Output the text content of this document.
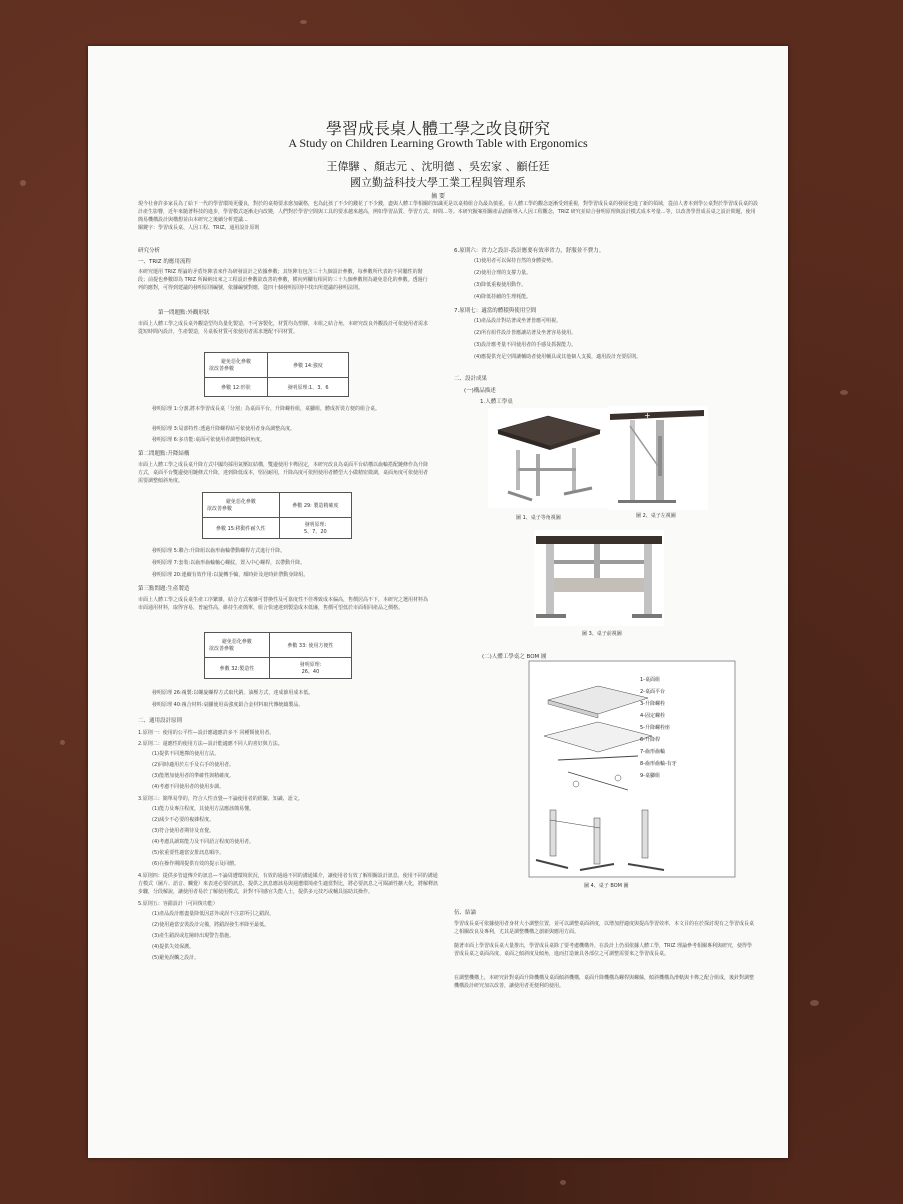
學習成長桌人體工學之改良研究
A Study on Children Learning Growth Table with Ergonomics
王偉驊 、顏志元 、沈明德 、吳宏家 、顧任廷
國立勤益科技大學工業工程與管理系
摘 要
現今社會許多家長為了給下一代的學習環境更優良，對於的桌椅要求愈加嚴格，也為此孩了不少的錢花了不少錢，盡與人體工學相關的知識更是以桌椅組合為最為慎重。在人體工學的觀念逐漸受到重視，對學習成長桌的發展也進了新的領域，從前人書本到學公桌對於學習成長桌的設計產生影響，近年來隨著科技的進步，學習模式逐漸走向改變，人們對於學習空間與工具的要求越來越高，例如學習品質、學習方式、時間...等。本研究擬案相關產品創新導入人因工程觀念，TRIZ 研究並結合發明原理與設計模式成本考量...等，以改善學習成長桌之設計問題，使用簡易機構設計與構想並由本研究之後續分析建議...
關鍵字：學習成長桌、人因工程、TRIZ、通用設計原則
研究分析
一、TRIZ 的應用流程
本研究運用 TRIZ 理論的矛盾矩陣表來作為研發設計之依據參數；其矩陣有包含三十九個設計參數，每參數所代表的不同屬性的階段；前提也參數即為 TRIZ 所歸納出來之工程設計參數欲改善的參數，横向列欄有相同的三十九個參數則為避免惡化的參數。透過行列的應對，可得到建議的發明原則編號，依據編號對應，從四十個發明原則中找出所建議的發明法則。
第一問題點:外觀形狀
市面上人體工學之成長桌外觀造型均為量化製造，不可客製化，材質均為塑膠，本組之結合角，本研究改良外觀設計可依使用者需求從短時間內設計，生產製造，另桌板材質可依使用者需求選配不同材質。
避免惡化參數
欲改善參數	參數 14:強度
參數 12:形狀	發明原理:1、3、6
發明原理 1:分割,將本學習成長桌「分割」為桌面平台，升降螺栓組，桌腳組，體成折裝方便的組合桌。
發明原理 3:局部特性:透過升降螺桿結可依使用者身高調整高度。
發明原理 6:多功能:桌面可依使用者調整傾斜角度。
第二問題點:升降結構
市面上人體工學之成長桌升降方式中國均採用氣壓缸結構，雙邊使用卡榫固定，本研究改良為桌面平台結構以齒輪搭配鏈條作為升降方式，桌面平台雙邊使用鏈條式升降，達到降低成本，堅固耐用，升降高度可依照使用者體型大小做精密微調，桌面角度可依使用者需要調整傾斜角度。
避免惡化參數
欲改善參數	參數 29: 製造精確度
參數 15:移動件耐久性	發明原理:
5、7、20
發明原理 5:聯合:升降組以齒形齒輪帶動螺桿方式進行升降。
發明原理 7:套裝:以齒形齒輪軸心螺紋，置入中心螺桿，以帶動升降。
發明原理 20:連續有效作用:以旋轉手輪，順時針及逆時針帶動身降組。
第三點問題:生產製造
市面上人體工學之成長桌生產工序繁雜，結合方式複雜可替換性及可靠度性不佳導致成本偏高，售價居高不下，本研究之選用材料為市面通用材料，取得容易，普遍性高，維持生產簡單，組合快速達到製造成本低廉，售價可望低於市面相同產品之價格。
避免惡化參數
欲改善參數	參數 33: 使用方便性
參數 32:製造性	發明原理:
26、40
發明原理 26:複製:以螺旋螺桿方式取代銷、油壓方式，達成節用成本低。
發明原理 40:複合材料:桌腳使用高強度鋁合金材料取代傳統鑄製品。
二、通用設計原則
6.原則六：省力之設計-設計應要有效率省力，舒服並不費力。
(1)使用者可以保持自然的身體姿勢。
(2)使用合理的支撐力量。
(3)降低重複使用動作。
(4)降低持續的生理耗能。
7.原則七：適當的體積與使用空間
(1)產品設計對站著或坐著皆應可明視。
(2)所有組件設計皆應讓站著及坐著容易使用。
(3)設計應考量不同使用者的手感及抓握能力。
(4)應提供充足空間讓輔助者使用輔具或其他個人支援，適用設計充要原則。
二、設計成果
(一)構品描述
1.人體工學桌
+
圖 1、桌子等角視圖	圖 2、桌子左視圖
圖 3、桌子前視圖
(二)人體工學桌之 BOM 圖
圖 4、桌子 BOM 圖
伍、結論
學習成長桌可依據使用者身材大小調整位置，並可以調整桌面斜度，以增加舒適度與提高學習效率，本文目的在於探討現有之學習成長桌之相關改良及專利，尤其是調整機構之創新與應用方面。
隨著市面上學習成長桌大量推出，學習成長桌除了要考慮機構外，在設計上仍須依據人體工學，TRIZ 理論參考相關專利與研究，使得學習成長桌之桌面高度、桌面之傾斜度及傾角，進而打造兼具各部位之可調整需要來之學習成長桌。
在調整機構上，本研究針對桌面升降機構及桌面傾斜機構，桌面升降機構為螺桿與螺絲，傾斜機構為滑軌與卡榫之配合組成，後針對調整機構設計研究加以改善，讓使用者更便利的使用。
1.原則一：使用的公平性—設計應適應許多不 同種類使用者。
2.原則二：還應性的使用方法—設計能適應不同人的喜好與方法。
(1)提供不同選擇的使用方法。
(2)同時適用於左手及右手的使用者。
(3)能增加使用者的準確性與精確度。
(4)考慮不同使用者的使用步調。
3.原則三：簡單易學的，符合人性直覺—不論使用者的經驗、知識、語文。
(1)能力及專注程度，其使用方法應該簡易懂。
(2)減少不必要的複雜程度。
(3)符合使用者期待及直覺。
(4)考慮具讀寫能力及不同語言程度的使用者。
(5)依重要性適當安排訊息順序。
(6)在操作期間提供有效的提示及回饋。
4.原則四：提供多管道傳介的訊息—不論周遭環境狀況，有效的過過不同的溝通媒介，讓使用者有效了解相關設計訊息，使用不同的溝通方模式（圖片、語音、觸覺）來表達必要的訊息，提供之訊息應該易與週遭環境產生適當對比，將必要訊息之可閱讀性擴大化，將解釋訊步驟，分段解說，讓使用者易於了解使用模式，針對不同感官失能人士，提供多元技巧或輔具協助其操作。
5.原則五：容錯設計（可回復功能）
(1)產品設計應盡量降低因意外或誤不注意所引之錯誤。
(2)使用過當安裝設計完備，將錯誤發生率降至最低。
(3)產生錯誤或危險時出現警告措施。
(4)提供失效保護。
(5)避免誤觸之設計。
1-桌面組
2-桌面平台
3-升降螺栓
4-固定螺栓
5-升降螺栓座
6-升降桿
7-齒形齒輪
8-齒形齒輪-有牙
9-桌腳組
